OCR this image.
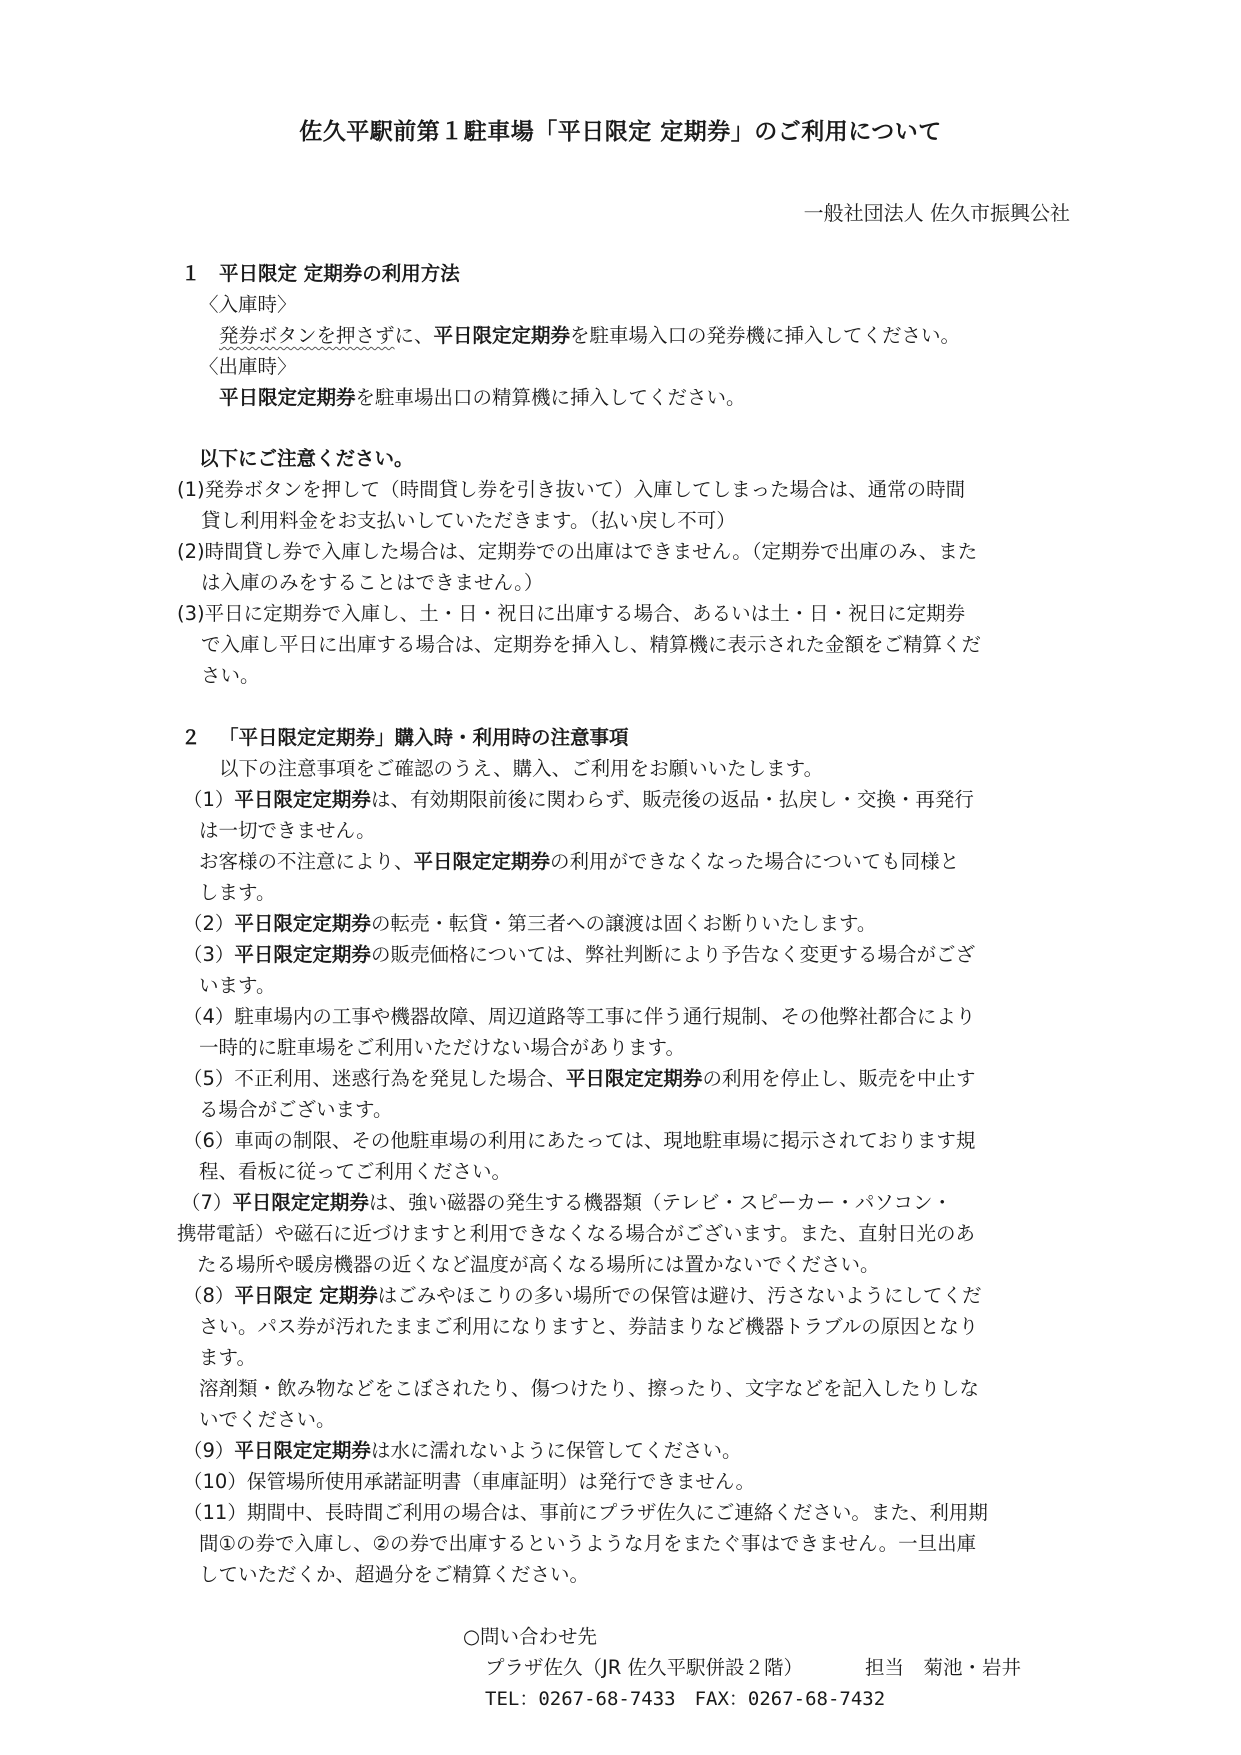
佐久平駅前第１駐車場「平日限定 定期券」のご利用について
一般社団法人 佐久市振興公社
１ 平日限定 定期券の利用方法
〈入庫時〉
発券ボタンを押さずに、平日限定定期券を駐車場入口の発券機に挿入してください。
〈出庫時〉
平日限定定期券を駐車場出口の精算機に挿入してください。
以下にご注意ください。
(1)発券ボタンを押して（時間貸し券を引き抜いて）入庫してしまった場合は、通常の時間
貸し利用料金をお支払いしていただきます。（払い戻し不可）
(2)時間貸し券で入庫した場合は、定期券での出庫はできません。（定期券で出庫のみ、また
は入庫のみをすることはできません。）
(3)平日に定期券で入庫し、土・日・祝日に出庫する場合、あるいは土・日・祝日に定期券
で入庫し平日に出庫する場合は、定期券を挿入し、精算機に表示された金額をご精算くだ
さい。
２ 「平日限定定期券」購入時・利用時の注意事項
以下の注意事項をご確認のうえ、購入、ご利用をお願いいたします。
（1）平日限定定期券は、有効期限前後に関わらず、販売後の返品・払戻し・交換・再発行
は一切できません。
お客様の不注意により、平日限定定期券の利用ができなくなった場合についても同様と
します。
（2）平日限定定期券の転売・転貸・第三者への譲渡は固くお断りいたします。
（3）平日限定定期券の販売価格については、弊社判断により予告なく変更する場合がござ
います。
（4）駐車場内の工事や機器故障、周辺道路等工事に伴う通行規制、その他弊社都合により
一時的に駐車場をご利用いただけない場合があります。
（5）不正利用、迷惑行為を発見した場合、平日限定定期券の利用を停止し、販売を中止す
る場合がございます。
（6）車両の制限、その他駐車場の利用にあたっては、現地駐車場に掲示されております規
程、看板に従ってご利用ください。
（7）平日限定定期券は、強い磁器の発生する機器類（テレビ・スピーカー・パソコン・
携帯電話）や磁石に近づけますと利用できなくなる場合がございます。また、直射日光のあ
たる場所や暖房機器の近くなど温度が高くなる場所には置かないでください。
（8）平日限定 定期券はごみやほこりの多い場所での保管は避け、汚さないようにしてくだ
さい。パス券が汚れたままご利用になりますと、券詰まりなど機器トラブルの原因となり
ます。
溶剤類・飲み物などをこぼされたり、傷つけたり、擦ったり、文字などを記入したりしな
いでください。
（9）平日限定定期券は水に濡れないように保管してください。
（10）保管場所使用承諾証明書（車庫証明）は発行できません。
（11）期間中、長時間ご利用の場合は、事前にプラザ佐久にご連絡ください。また、利用期
間①の券で入庫し、②の券で出庫するというような月をまたぐ事はできません。一旦出庫
していただくか、超過分をご精算ください。
○問い合わせ先
プラザ佐久（JR 佐久平駅併設２階）	担当　菊池・岩井
TEL：0267-68-7433　FAX：0267-68-7432
